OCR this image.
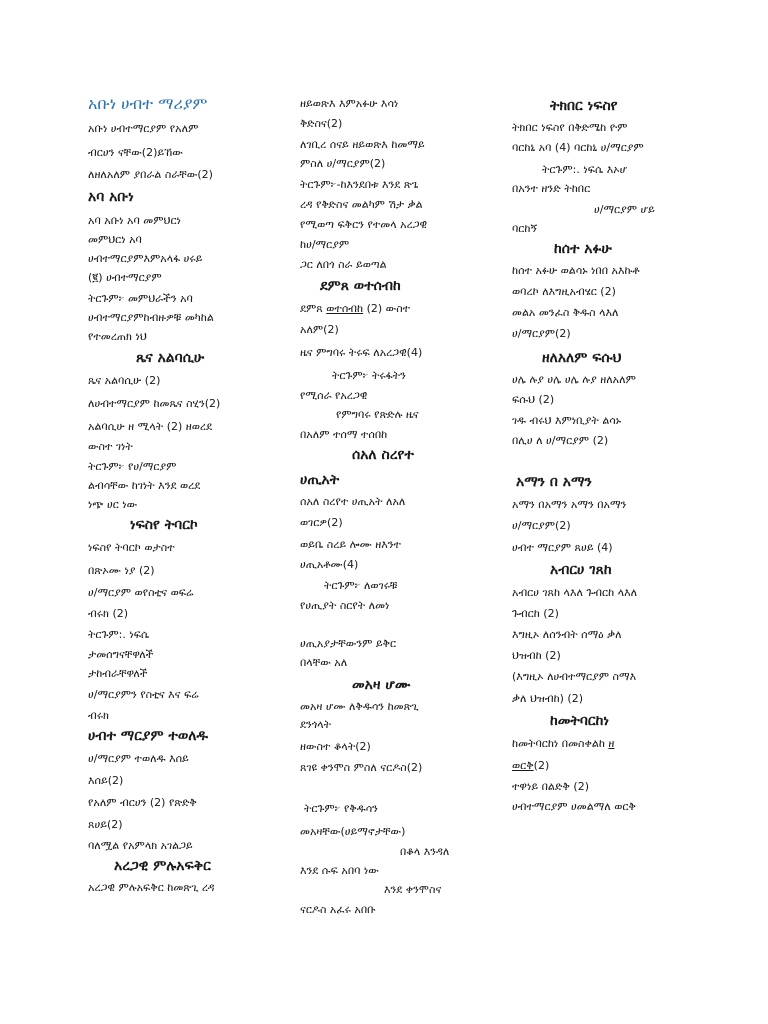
አቡነ ሀብተ ማሪያም

አቡነ ሀብተማርያም የአለም

ብርሀን ናቸው(2)ይኸው

ለዘለአለም ያበራል ስራቸው(2)

አባ አቡነ

አባ አቡነ አባ መምህርነ

መምህርነ አባ

ሀብተማርያምእምአላፋ ሀሩይ

(፪) ሀብተማርያም

ትርጉም፦ መምህራችን አባ

ሀብተማርያምከብዙዎቹ መካከል

የተመረጠክ ነህ

ጼና አልባሲሁ

ጼና አልባሲሁ (2)

ለሀብተማርያም ከመጼና ስሂን(2)

አልባሲሁ ዘ ሚላት (2) ዘወረደ

ውስተ ገነት

ትርጉም፦ የሀ/ማርያም

ልብሳቸው ከገነት እንደ ወረደ

ነጭ ሀር ነው

ነፍስየ ትባርኮ

ነፍስየ ትባርኮ ወታስተ

በጽኦሙ ነያ (2)

ሀ/ማርያም ወየስቲና ወፍሬ

ብሩክ (2)

ትርጉም:. ነፍሴ

ታመሰግናቸዋለች

ታከብራቸዋለች

ሀ/ማርያምን የስቲና እና ፍሬ

ብሩክ

ሀብተ ማርያም ተወለዱ

ሀ/ማርያም ተወለዱ እሰይ

እሰይ(2)

የአለም ብርሀን (2) የጽድቅ

ጸሀይ(2)

ባለሟል የአምላክ አገልጋይ

አረጋዊ ምሉአፍቅር

አረጋዊ ምሉአፍቅር ከመጽጊ ረዳ

ዘይወጽእ እምአፉሁ እሳነ

ቅድስና(2)

ለገቢረ ሰናይ ዘይወጽእ ከመማይ

ምስለ ሀ/ማርያም(2)

ትርጉም፦-ከእንደበቱ እንደ ጽጌ

ረዳ የቅድስና መልካም ሽታ ቃል

የሚወጣ ፍቅርን የተመላ አረጋዊ

ከሀ/ማርያም

ጋር ለበጎ ስራ ይወጣል

ደምጸ ወተሰብከ

ደምጸ ወተሰብከ (2) ውስተ

አለም(2)

ዜና ምግባሩ ትሩፍ ለአረጋዊ(4)

ትርጉም፦ ትሩፋትን

የሚሰራ የአረጋዊ

የምግባሩ የጽድሉ ዜና

በአለም ተሰማ ተሰበከ

ሰአለ ስረየተ

ሀጢአት

ሰአለ ስረየተ ሀጢአት ለአለ

ወገርዎ(2)

ወይቤ ስረይ ሎሙ ዘእንተ

ሀጢአቶሙ(4)

ትርጉም፦ ለወገሩቹ

የሀጢያት ስርየት ለመነ

ሀጢአያታቸውንም ይቅር

በላቸው አለ

መአዛ ሆሙ

መአዛ ሆሙ ለቅዱሳን ከመጽጊ

ደንጎላት

ዘውስተ ቆላት(2)

ጸገዩ ቀንሞስ ምስለ ናርዶስ(2)

ትርጉም፦ የቅዱሳን

መአዛቸው(ሀይማኖታቸው)

በቆላ እንዳለ

እንደ ሱፍ አበባ ነው

እንደ ቀንሞስና

ናርዶስ አፈሩ አበቡ

ትክበር ነፍስየ

ትክበር ነፍስየ በቅድሜከ ዮም

ባርከኒ አባ (4) ባርከኒ ሀ/ማርያም

ትርጉም:. ነፍሴ እኦሆ

በአንተ ዘንድ ትከበር

ሀ/ማርያም ሆይ

ባርከኝ

ከሰተ አፉሁ

ከሰተ አፉሁ ወልሳኑ ነበበ አእኩቶ

ወባረኮ ለእግዚአብሄር (2)

መልአ መንፈስ ቅዱስ ላእለ

ሀ/ማርያም(2)

ዘለአለም ፍሱህ

ሀሌ ሉያ ሀሌ ሀሌ ሉያ ዘለአለም

ፍሱህ (2)

ገዱ ብሩህ እምነቢያት ልሳኑ

በሊሀ ለ ሀ/ማርያም (2)

አማን በ አማን

አማን በአማን አማን በአማን

ሀ/ማርያም(2)

ሀብተ ማርያም ጸሀይ (4)

አብርሀ ገጸከ

አብርሀ ገጸከ ላእለ ጉብርከ ላእለ

ጉብርከ (2)

እግዚኦ ለሰንብት ሰማዕ ቃለ

ህዝብከ (2)

(እግዚኦ ለሀብተማርያም ስማእ

ቃለ ህዝብከ) (2)

ከመትባርከነ

ከመትባርከነ በመስቀልከ ዘ

ወርቅ(2)

ተዋነይ በልድቅ (2)

ሀብተማርያም ሀመልማለ ወርቅ
